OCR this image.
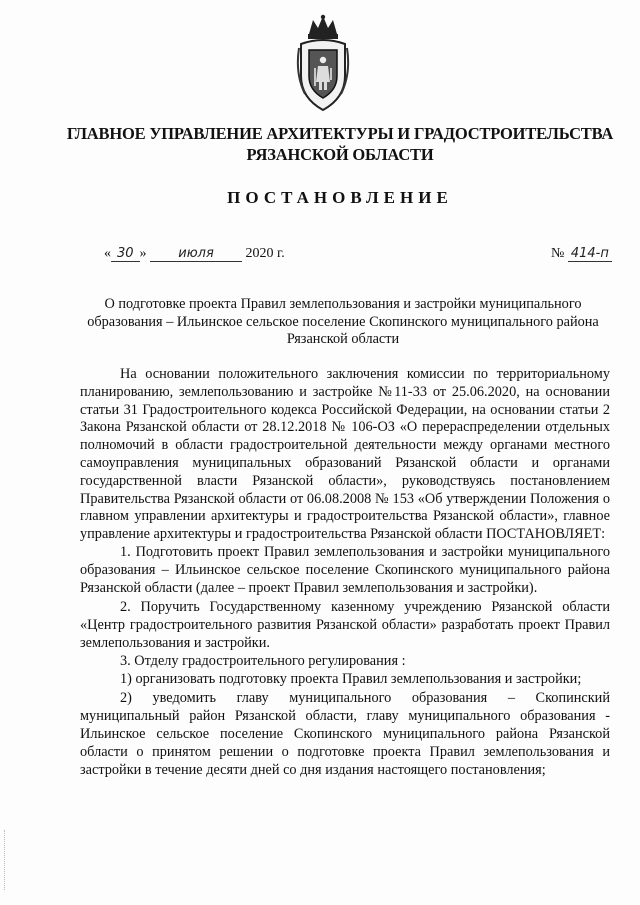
ГЛАВНОЕ УПРАВЛЕНИЕ АРХИТЕКТУРЫ И ГРАДОСТРОИТЕЛЬСТВА
РЯЗАНСКОЙ ОБЛАСТИ
ПОСТАНОВЛЕНИЕ
« 30 » июля 2020 г.	№ 414-п
О подготовке проекта Правил землепользования и застройки муниципального образования – Ильинское сельское поселение Скопинского муниципального района Рязанской области

На основании положительного заключения комиссии по территориальному планированию, землепользованию и застройке №11-33 от 25.06.2020, на основании статьи 31 Градостроительного кодекса Российской Федерации, на основании статьи 2 Закона Рязанской области от 28.12.2018 № 106-ОЗ «О перераспределении отдельных полномочий в области градостроительной деятельности между органами местного самоуправления муниципальных образований Рязанской области и органами государственной власти Рязанской области», руководствуясь постановлением Правительства Рязанской области от 06.08.2008 № 153 «Об утверждении Положения о главном управлении архитектуры и градостроительства Рязанской области», главное управление архитектуры и градостроительства Рязанской области ПОСТАНОВЛЯЕТ:

1. Подготовить проект Правил землепользования и застройки муниципального образования – Ильинское сельское поселение Скопинского муниципального района Рязанской области (далее – проект Правил землепользования и застройки).

2. Поручить Государственному казенному учреждению Рязанской области «Центр градостроительного развития Рязанской области» разработать проект Правил землепользования и застройки.

3. Отделу градостроительного регулирования :

1) организовать подготовку проекта Правил землепользования и застройки;

2) уведомить главу муниципального образования – Скопинский муниципальный район Рязанской области, главу муниципального образования - Ильинское сельское поселение Скопинского муниципального района Рязанской области о принятом решении о подготовке проекта Правил землепользования и застройки в течение десяти дней со дня издания настоящего постановления;
